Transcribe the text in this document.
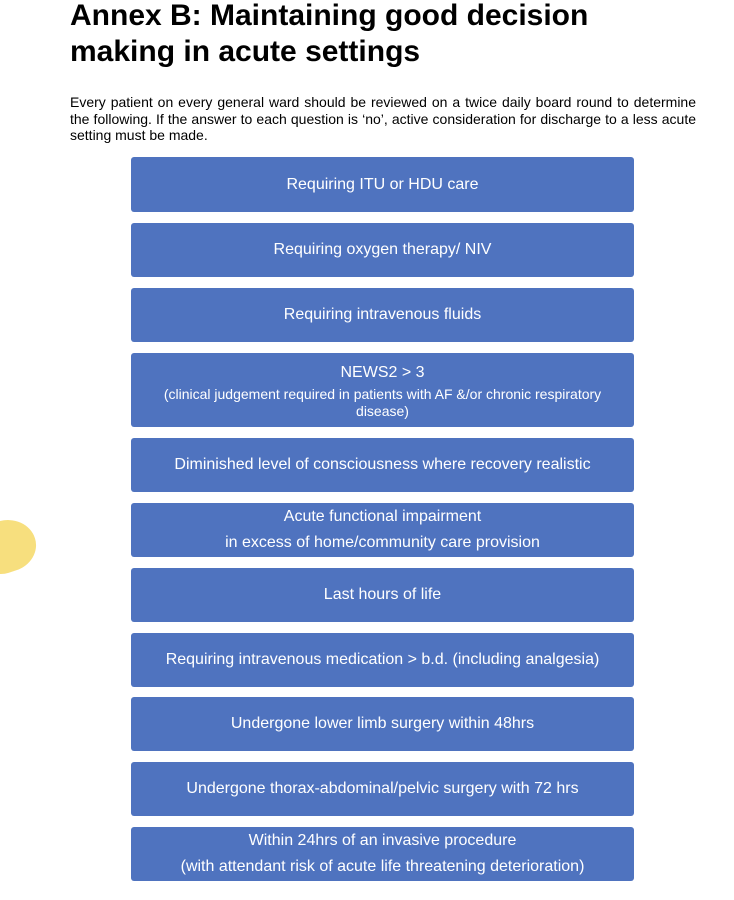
Annex B: Maintaining good decision
making in acute settings

Every patient on every general ward should be reviewed on a twice daily board round to determine the following. If the answer to each question is ‘no’, active consideration for discharge to a less acute setting must be made.

Requiring ITU or HDU care
Requiring oxygen therapy/ NIV
Requiring intravenous fluids
NEWS2 > 3
(clinical judgement required in patients with AF &/or chronic respiratory disease)
Diminished level of consciousness where recovery realistic
Acute functional impairment
in excess of home/community care provision
Last hours of life
Requiring intravenous medication > b.d. (including analgesia)
Undergone lower limb surgery within 48hrs
Undergone thorax-abdominal/pelvic surgery with 72 hrs
Within 24hrs of an invasive procedure
(with attendant risk of acute life threatening deterioration)
